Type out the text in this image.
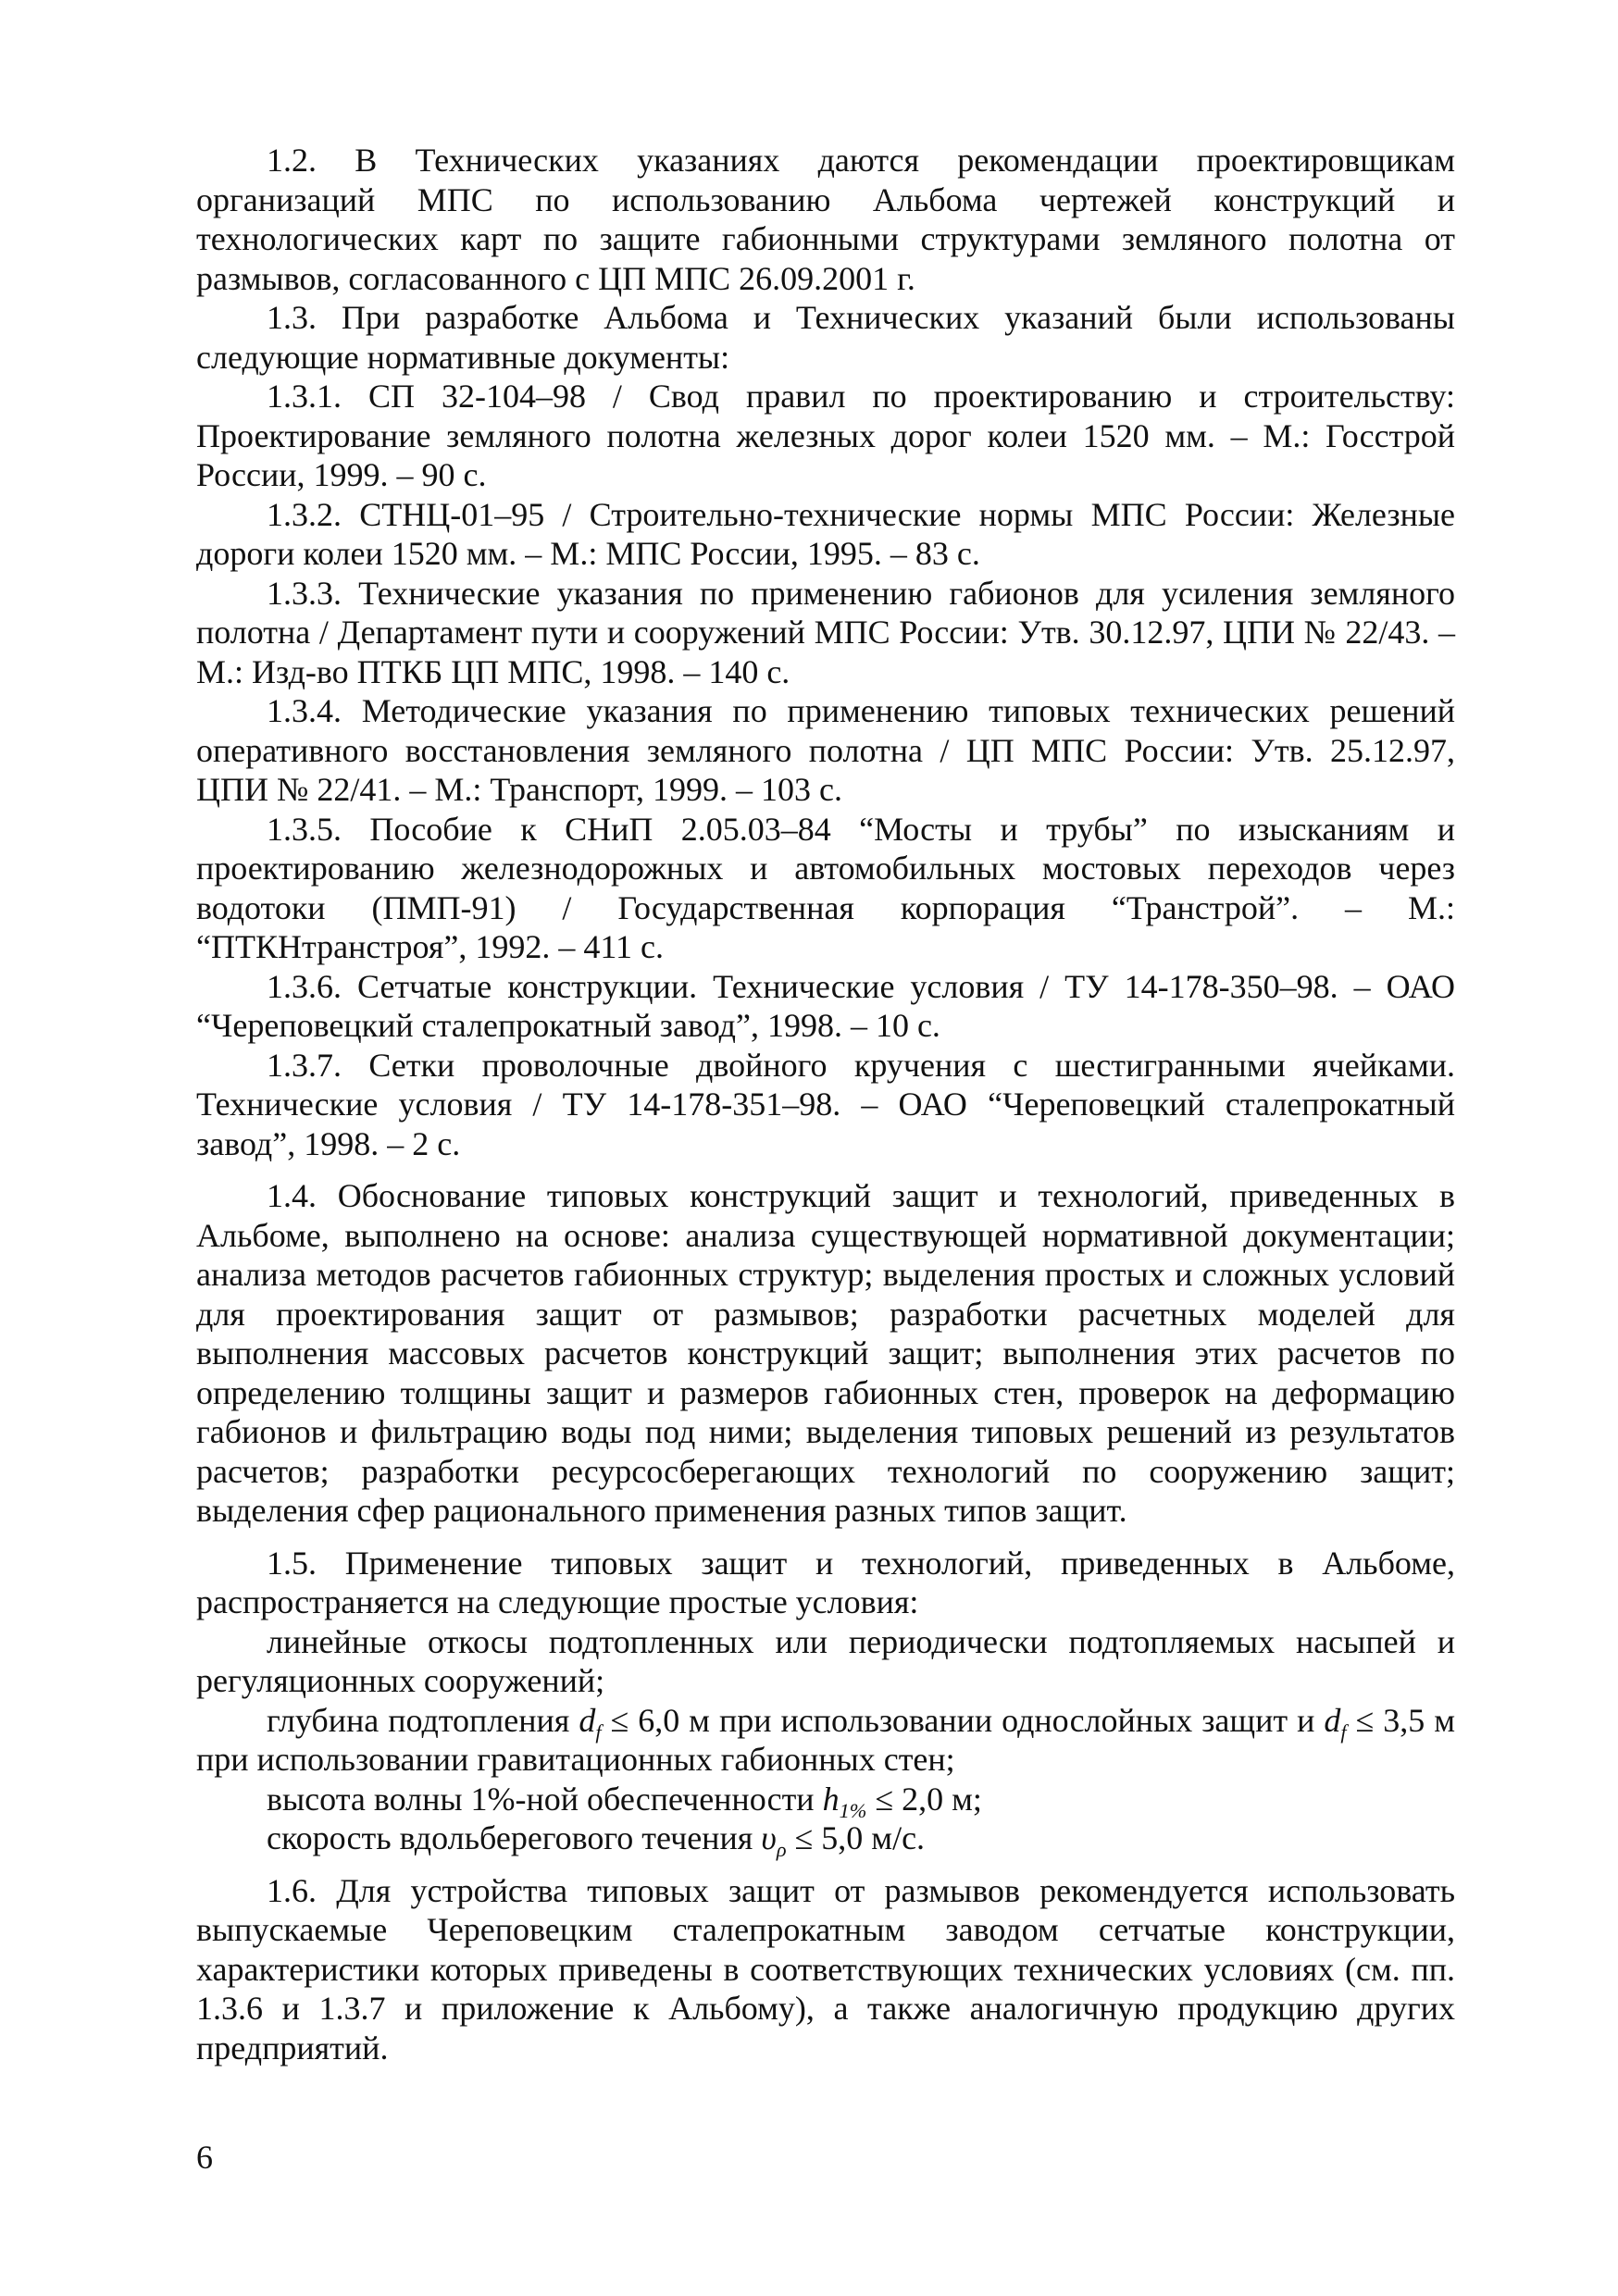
1.2. В Технических указаниях даются рекомендации проектировщикам организаций МПС по использованию Альбома чертежей конструкций и технологических карт по защите габионными структурами земляного полотна от размывов, согласованного с ЦП МПС 26.09.2001 г.

1.3. При разработке Альбома и Технических указаний были использованы следующие нормативные документы:

1.3.1. СП 32-104–98 / Свод правил по проектированию и строительству: Проектирование земляного полотна железных дорог колеи 1520 мм. – М.: Госстрой России, 1999. – 90 с.

1.3.2. СТНЦ-01–95 / Строительно-технические нормы МПС России: Железные дороги колеи 1520 мм. – М.: МПС России, 1995. – 83 с.

1.3.3. Технические указания по применению габионов для усиления земляного полотна / Департамент пути и сооружений МПС России: Утв. 30.12.97, ЦПИ № 22/43. – М.: Изд-во ПТКБ ЦП МПС, 1998. – 140 с.

1.3.4. Методические указания по применению типовых технических решений оперативного восстановления земляного полотна / ЦП МПС России: Утв. 25.12.97, ЦПИ № 22/41. – М.: Транспорт, 1999. – 103 с.

1.3.5. Пособие к СНиП 2.05.03–84 “Мосты и трубы” по изысканиям и проектированию железнодорожных и автомобильных мостовых переходов через водотоки (ПМП-91) / Государственная корпорация “Транстрой”. – М.: “ПТКНтранстроя”, 1992. – 411 с.

1.3.6. Сетчатые конструкции. Технические условия / ТУ 14-178-350–98. – ОАО “Череповецкий сталепрокатный завод”, 1998. – 10 с.

1.3.7. Сетки проволочные двойного кручения с шестигранными ячейками. Технические условия / ТУ 14-178-351–98. – ОАО “Череповецкий сталепрокатный завод”, 1998. – 2 с.

1.4. Обоснование типовых конструкций защит и технологий, приведенных в Альбоме, выполнено на основе: анализа существующей нормативной документации; анализа методов расчетов габионных структур; выделения простых и сложных условий для проектирования защит от размывов; разработки расчетных моделей для выполнения массовых расчетов конструкций защит; выполнения этих расчетов по определению толщины защит и размеров габионных стен, проверок на деформацию габионов и фильтрацию воды под ними; выделения типовых решений из результатов расчетов; разработки ресурсосберегающих технологий по сооружению защит; выделения сфер рационального применения разных типов защит.

1.5. Применение типовых защит и технологий, приведенных в Альбоме, распространяется на следующие простые условия:

линейные откосы подтопленных или периодически подтопляемых насыпей и регуляционных сооружений;

глубина подтопления $d_f \le 6,0$ м при использовании однослойных защит и $d_f \le 3,5$ м при использовании гравитационных габионных стен;

высота волны 1%-ной обеспеченности $h_{1\%} \le 2,0$ м;

скорость вдольберегового течения $\upsilon_\rho \le 5,0$ м/с.

1.6. Для устройства типовых защит от размывов рекомендуется использовать выпускаемые Череповецким сталепрокатным заводом сетчатые конструкции, характеристики которых приведены в соответствующих технических условиях (см. пп. 1.3.6 и 1.3.7 и приложение к Альбому), а также аналогичную продукцию других предприятий.

6
